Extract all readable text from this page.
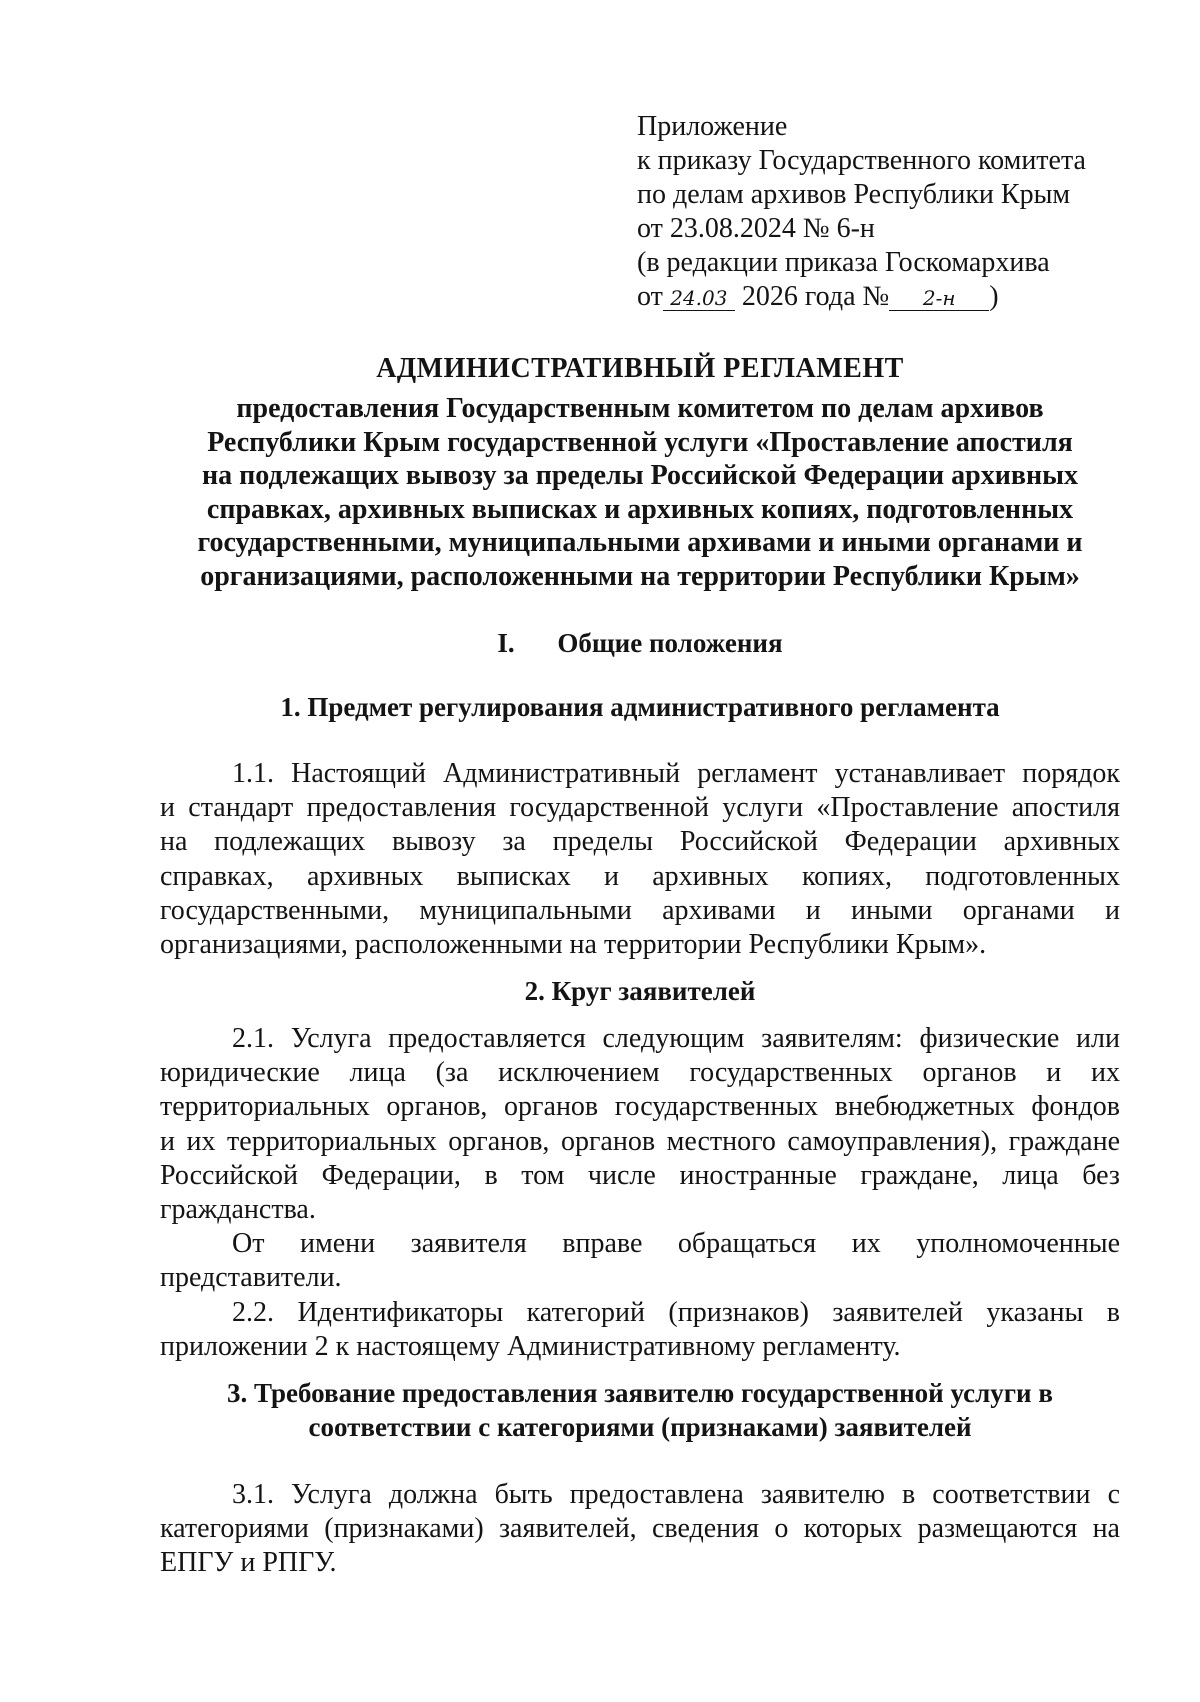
Приложение
к приказу Государственного комитета
по делам архивов Республики Крым
от 23.08.2024 № 6-н
(в редакции приказа Госкомархива
от 24.03 2026 года № 2-н )
АДМИНИСТРАТИВНЫЙ РЕГЛАМЕНТ
предоставления Государственным комитетом по делам архивов
Республики Крым государственной услуги «Проставление апостиля
на подлежащих вывозу за пределы Российской Федерации архивных
справках, архивных выписках и архивных копиях, подготовленных
государственными, муниципальными архивами и иными органами и
организациями, расположенными на территории Республики Крым»
I. Общие положения
1. Предмет регулирования административного регламента
1.1. Настоящий Административный регламент устанавливает порядок
и стандарт предоставления государственной услуги «Проставление апостиля
на подлежащих вывозу за пределы Российской Федерации архивных
справках, архивных выписках и архивных копиях, подготовленных
государственными, муниципальными архивами и иными органами и
организациями, расположенными на территории Республики Крым».
2. Круг заявителей
2.1. Услуга предоставляется следующим заявителям: физические или
юридические лица (за исключением государственных органов и их
территориальных органов, органов государственных внебюджетных фондов
и их территориальных органов, органов местного самоуправления), граждане
Российской Федерации, в том числе иностранные граждане, лица без
гражданства.
От имени заявителя вправе обращаться их уполномоченные
представители.
2.2. Идентификаторы категорий (признаков) заявителей указаны в
приложении 2 к настоящему Административному регламенту.
3. Требование предоставления заявителю государственной услуги в
соответствии с категориями (признаками) заявителей
3.1. Услуга должна быть предоставлена заявителю в соответствии с
категориями (признаками) заявителей, сведения о которых размещаются на
ЕПГУ и РПГУ.
